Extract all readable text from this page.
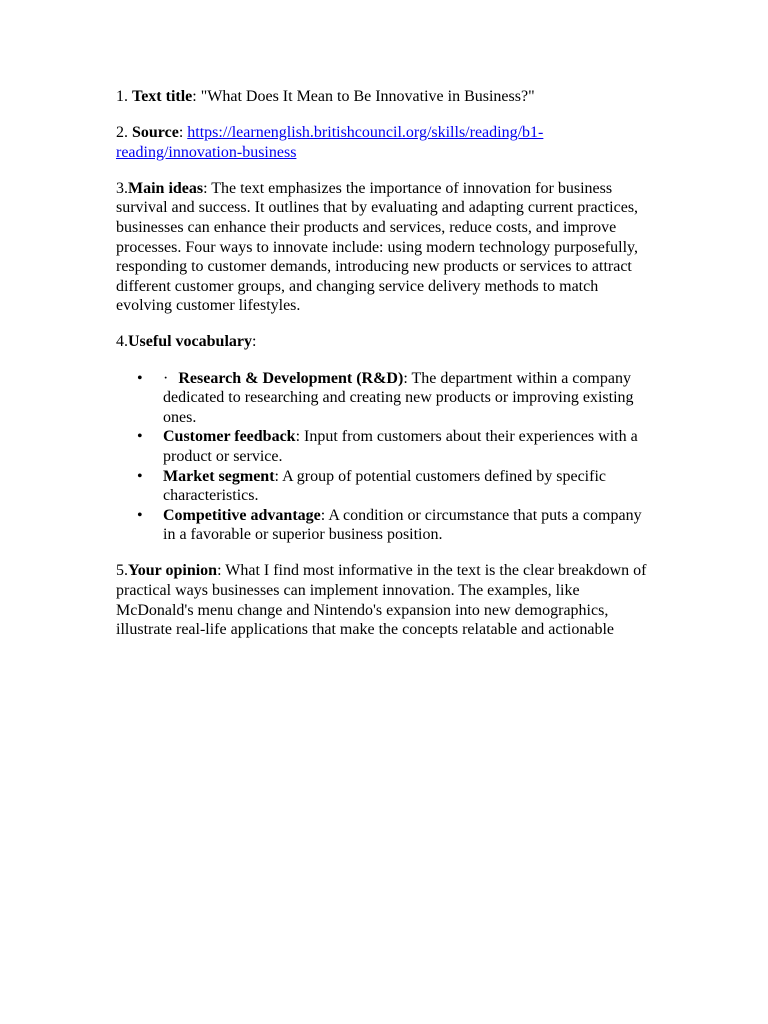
1. Text title: "What Does It Mean to Be Innovative in Business?"

2. Source: https://learnenglish.britishcouncil.org/skills/reading/b1-reading/innovation-business

3.Main ideas: The text emphasizes the importance of innovation for business survival and success. It outlines that by evaluating and adapting current practices, businesses can enhance their products and services, reduce costs, and improve processes. Four ways to innovate include: using modern technology purposefully, responding to customer demands, introducing new products or services to attract different customer groups, and changing service delivery methods to match evolving customer lifestyles.

4.Useful vocabulary:

• · Research & Development (R&D): The department within a company dedicated to researching and creating new products or improving existing ones.
• Customer feedback: Input from customers about their experiences with a product or service.
• Market segment: A group of potential customers defined by specific characteristics.
• Competitive advantage: A condition or circumstance that puts a company in a favorable or superior business position.

5.Your opinion: What I find most informative in the text is the clear breakdown of practical ways businesses can implement innovation. The examples, like McDonald's menu change and Nintendo's expansion into new demographics, illustrate real-life applications that make the concepts relatable and actionable
